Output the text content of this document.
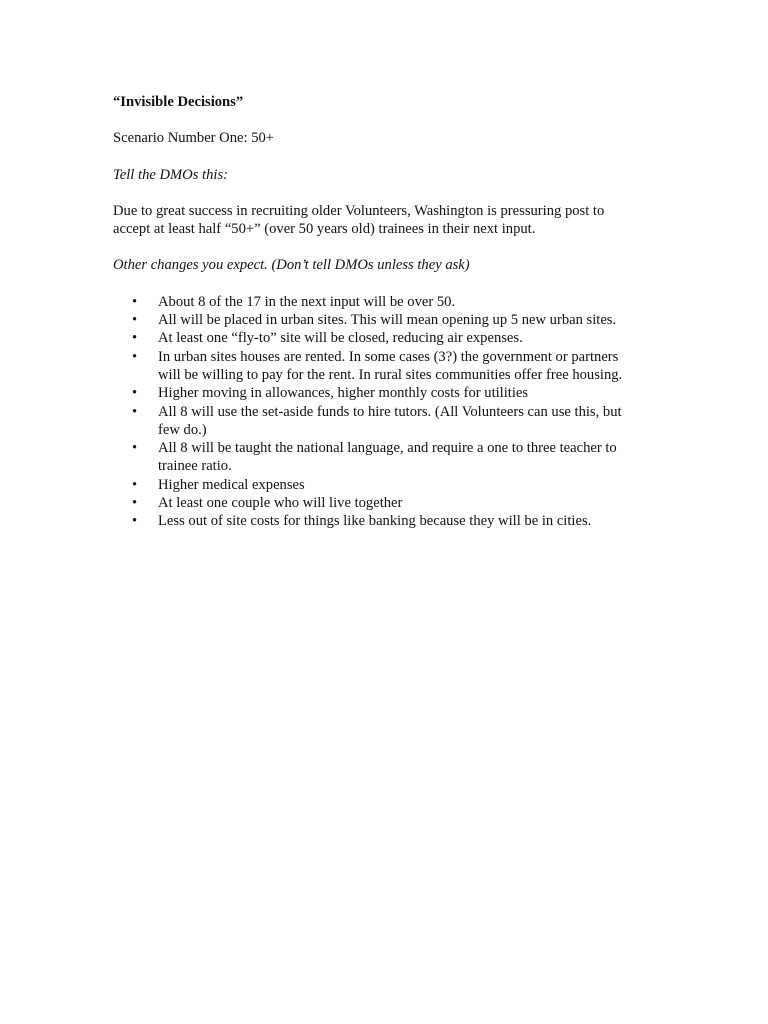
“Invisible Decisions”

Scenario Number One: 50+

Tell the DMOs this:

Due to great success in recruiting older Volunteers, Washington is pressuring post to
accept at least half “50+” (over 50 years old) trainees in their next input.

Other changes you expect. (Don’t tell DMOs unless they ask)

• About 8 of the 17 in the next input will be over 50.
• All will be placed in urban sites. This will mean opening up 5 new urban sites.
• At least one “fly-to” site will be closed, reducing air expenses.
• In urban sites houses are rented. In some cases (3?) the government or partners
will be willing to pay for the rent. In rural sites communities offer free housing.
• Higher moving in allowances, higher monthly costs for utilities
• All 8 will use the set-aside funds to hire tutors. (All Volunteers can use this, but
few do.)
• All 8 will be taught the national language, and require a one to three teacher to
trainee ratio.
• Higher medical expenses
• At least one couple who will live together
• Less out of site costs for things like banking because they will be in cities.
